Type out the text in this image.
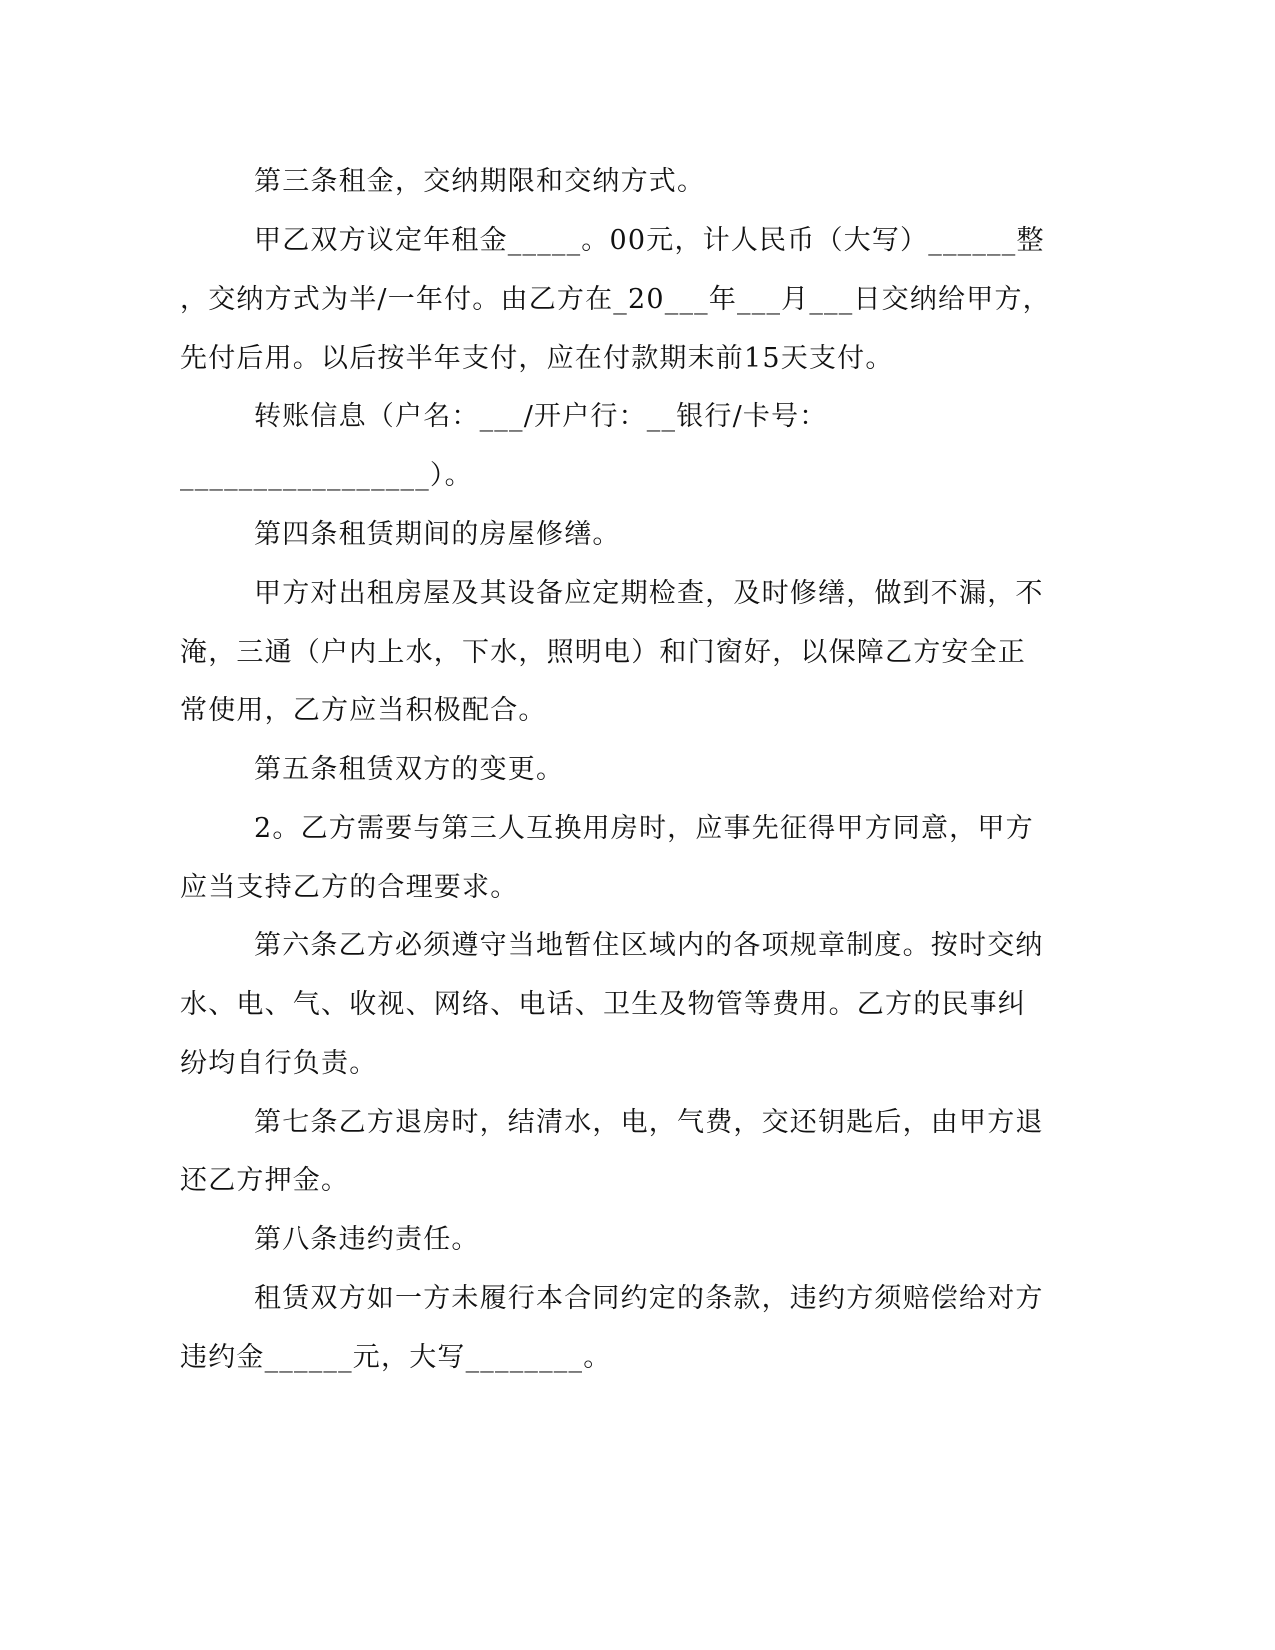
第三条租金，交纳期限和交纳方式。
甲乙双方议定年租金_____。00元，计人民币（大写）______整
，交纳方式为半/一年付。由乙方在_20___年___月___日交纳给甲方，
先付后用。以后按半年支付，应在付款期末前15天支付。
转账信息（户名：___/开户行：__银行/卡号：
_________________）。
第四条租赁期间的房屋修缮。
甲方对出租房屋及其设备应定期检查，及时修缮，做到不漏，不
淹，三通（户内上水，下水，照明电）和门窗好，以保障乙方安全正
常使用，乙方应当积极配合。
第五条租赁双方的变更。
2。乙方需要与第三人互换用房时，应事先征得甲方同意，甲方
应当支持乙方的合理要求。
第六条乙方必须遵守当地暂住区域内的各项规章制度。按时交纳
水、电、气、收视、网络、电话、卫生及物管等费用。乙方的民事纠
纷均自行负责。
第七条乙方退房时，结清水，电，气费，交还钥匙后，由甲方退
还乙方押金。
第八条违约责任。
租赁双方如一方未履行本合同约定的条款，违约方须赔偿给对方
违约金______元，大写________。
